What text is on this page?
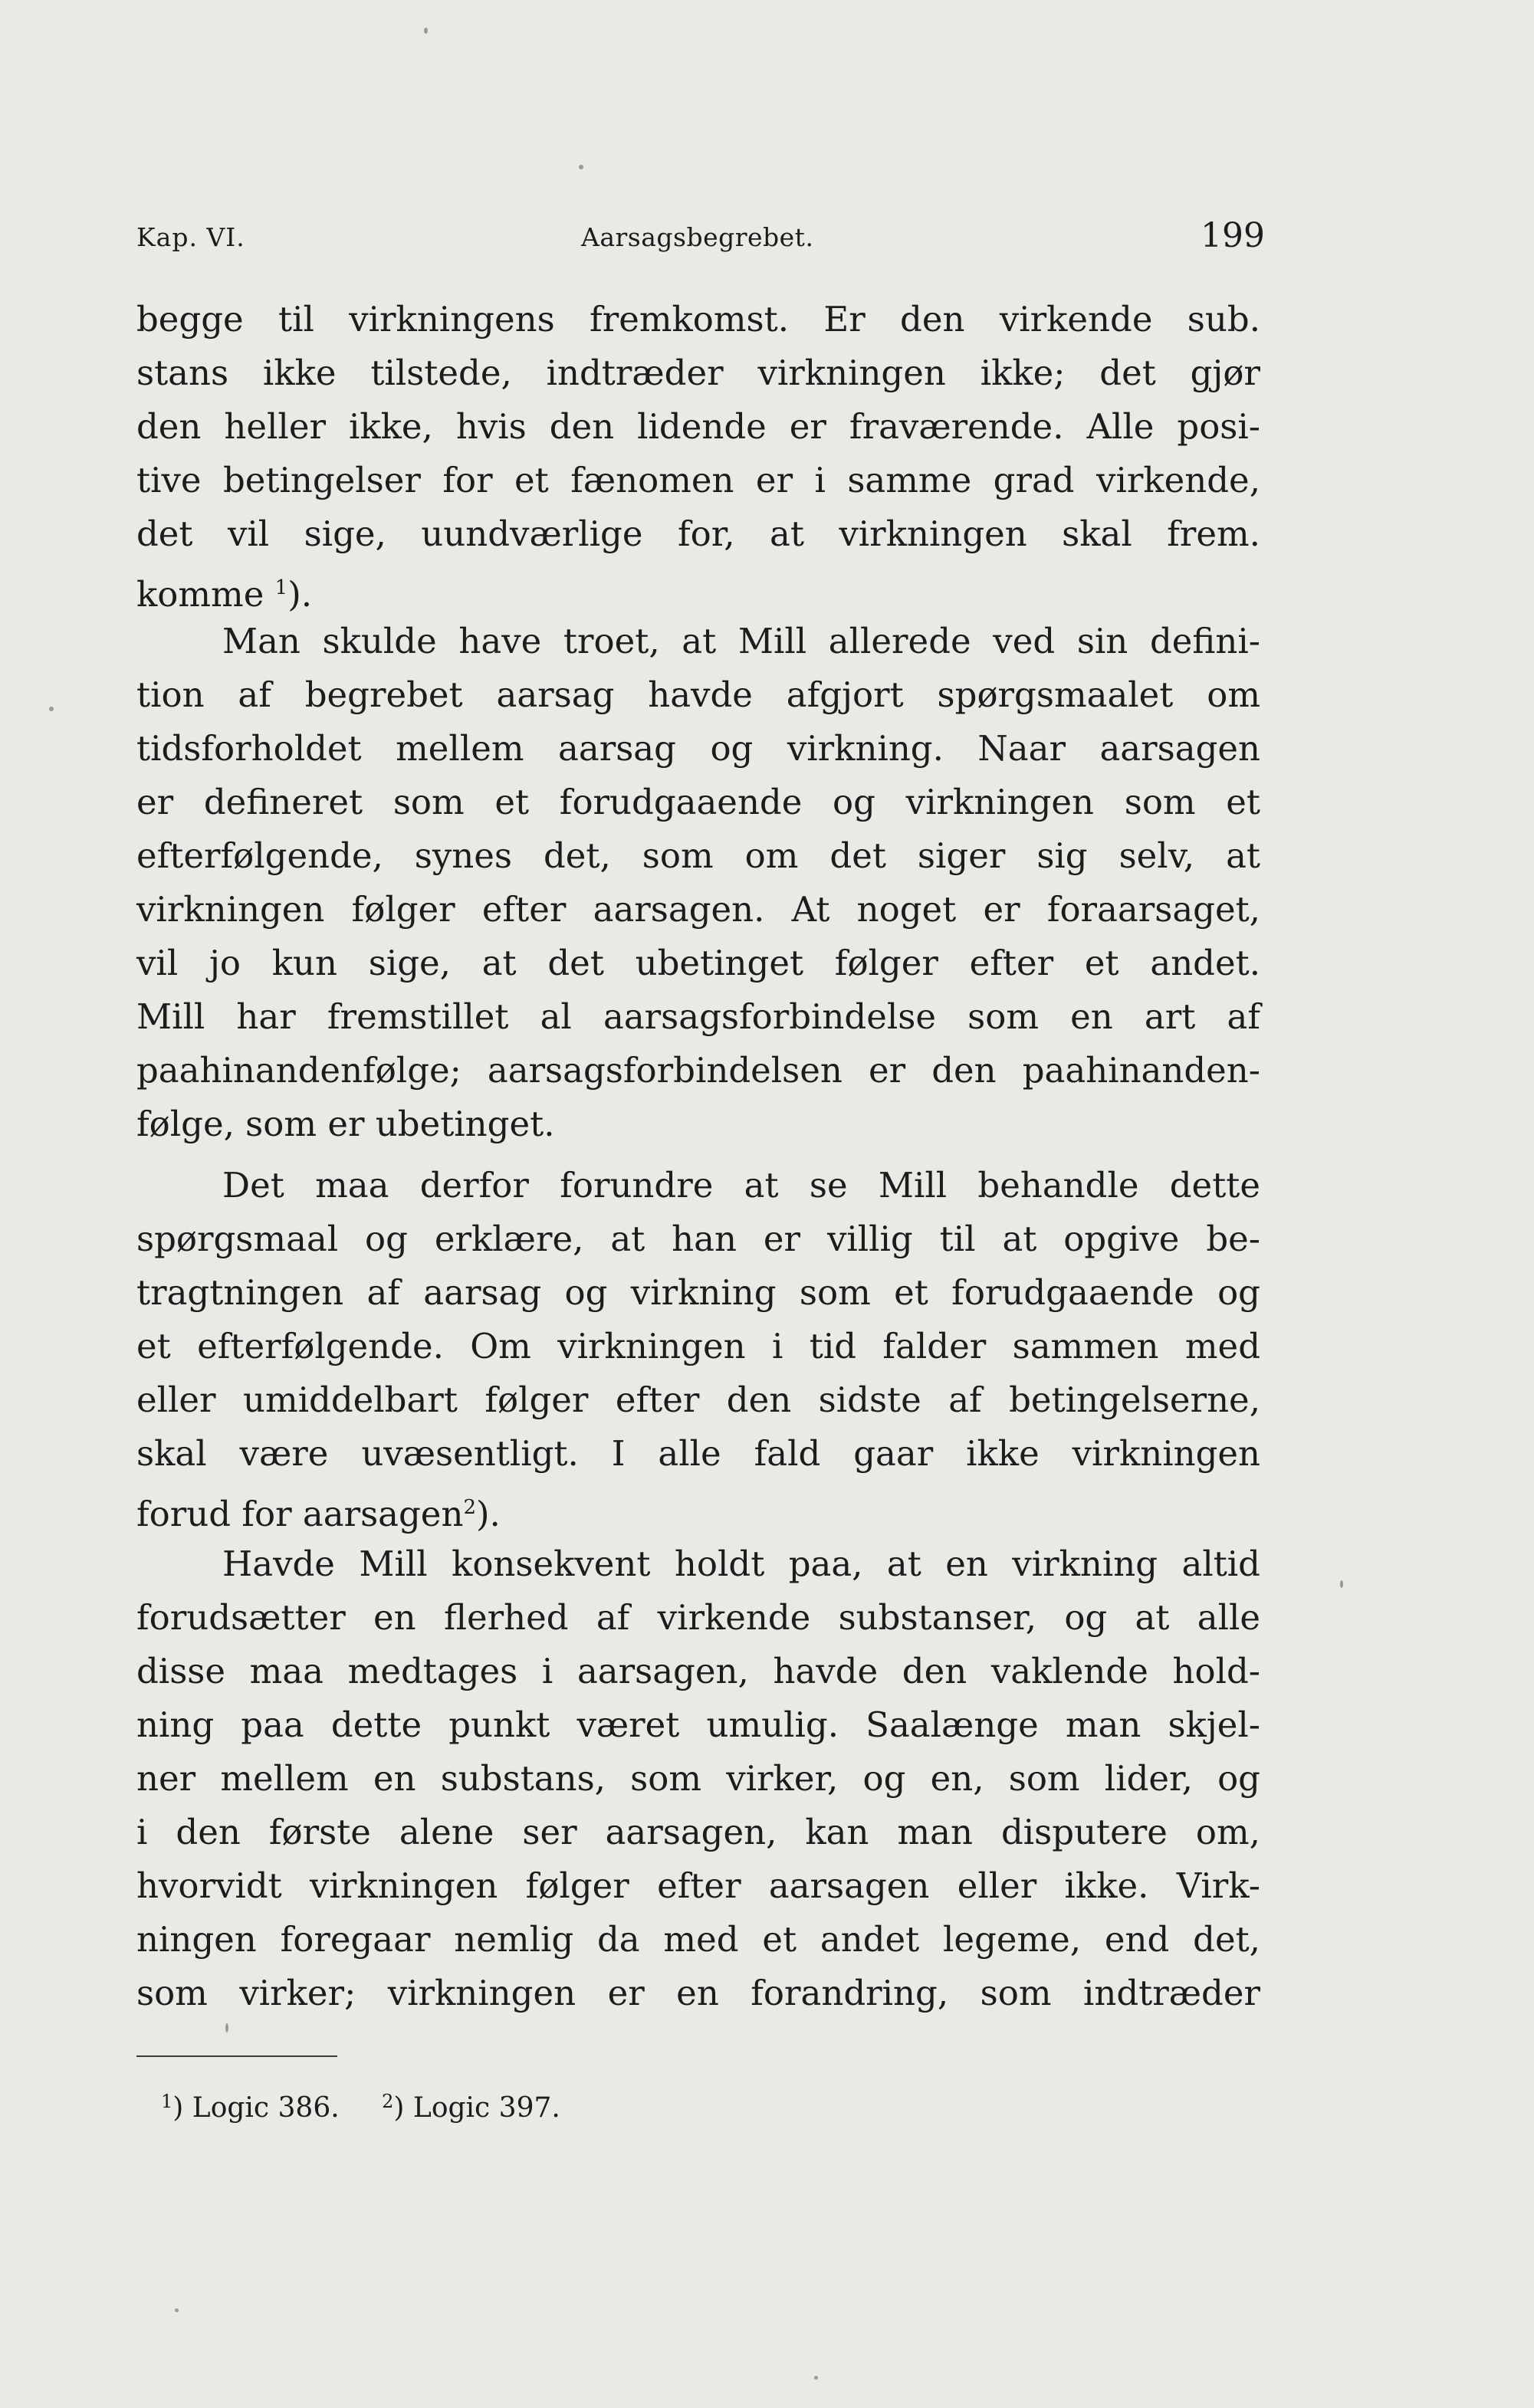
Kap. VI.	Aarsagsbegrebet.	199
begge til virkningens fremkomst. Er den virkende sub.
stans ikke tilstede, indtræder virkningen ikke; det gjør
den heller ikke, hvis den lidende er fraværende. Alle posi-
tive betingelser for et fænomen er i samme grad virkende,
det vil sige, uundværlige for, at virkningen skal frem.
komme $^1$).
Man skulde have troet, at Mill allerede ved sin defini-
tion af begrebet aarsag havde afgjort spørgsmaalet om
tidsforholdet mellem aarsag og virkning. Naar aarsagen
er defineret som et forudgaaende og virkningen som et
efterfølgende, synes det, som om det siger sig selv, at
virkningen følger efter aarsagen. At noget er foraarsaget,
vil jo kun sige, at det ubetinget følger efter et andet.
Mill har fremstillet al aarsagsforbindelse som en art af
paahinandenfølge; aarsagsforbindelsen er den paahinanden-
følge, som er ubetinget.
Det maa derfor forundre at se Mill behandle dette
spørgsmaal og erklære, at han er villig til at opgive be-
tragtningen af aarsag og virkning som et forudgaaende og
et efterfølgende. Om virkningen i tid falder sammen med
eller umiddelbart følger efter den sidste af betingelserne,
skal være uvæsentligt. I alle fald gaar ikke virkningen
forud for aarsagen$^2$).
Havde Mill konsekvent holdt paa, at en virkning altid
forudsætter en flerhed af virkende substanser, og at alle
disse maa medtages i aarsagen, havde den vaklende hold-
ning paa dette punkt været umulig. Saalænge man skjel-
ner mellem en substans, som virker, og en, som lider, og
i den første alene ser aarsagen, kan man disputere om,
hvorvidt virkningen følger efter aarsagen eller ikke. Virk-
ningen foregaar nemlig da med et andet legeme, end det,
som virker; virkningen er en forandring, som indtræder
$^1$) Logic 386. $^2$) Logic 397.
